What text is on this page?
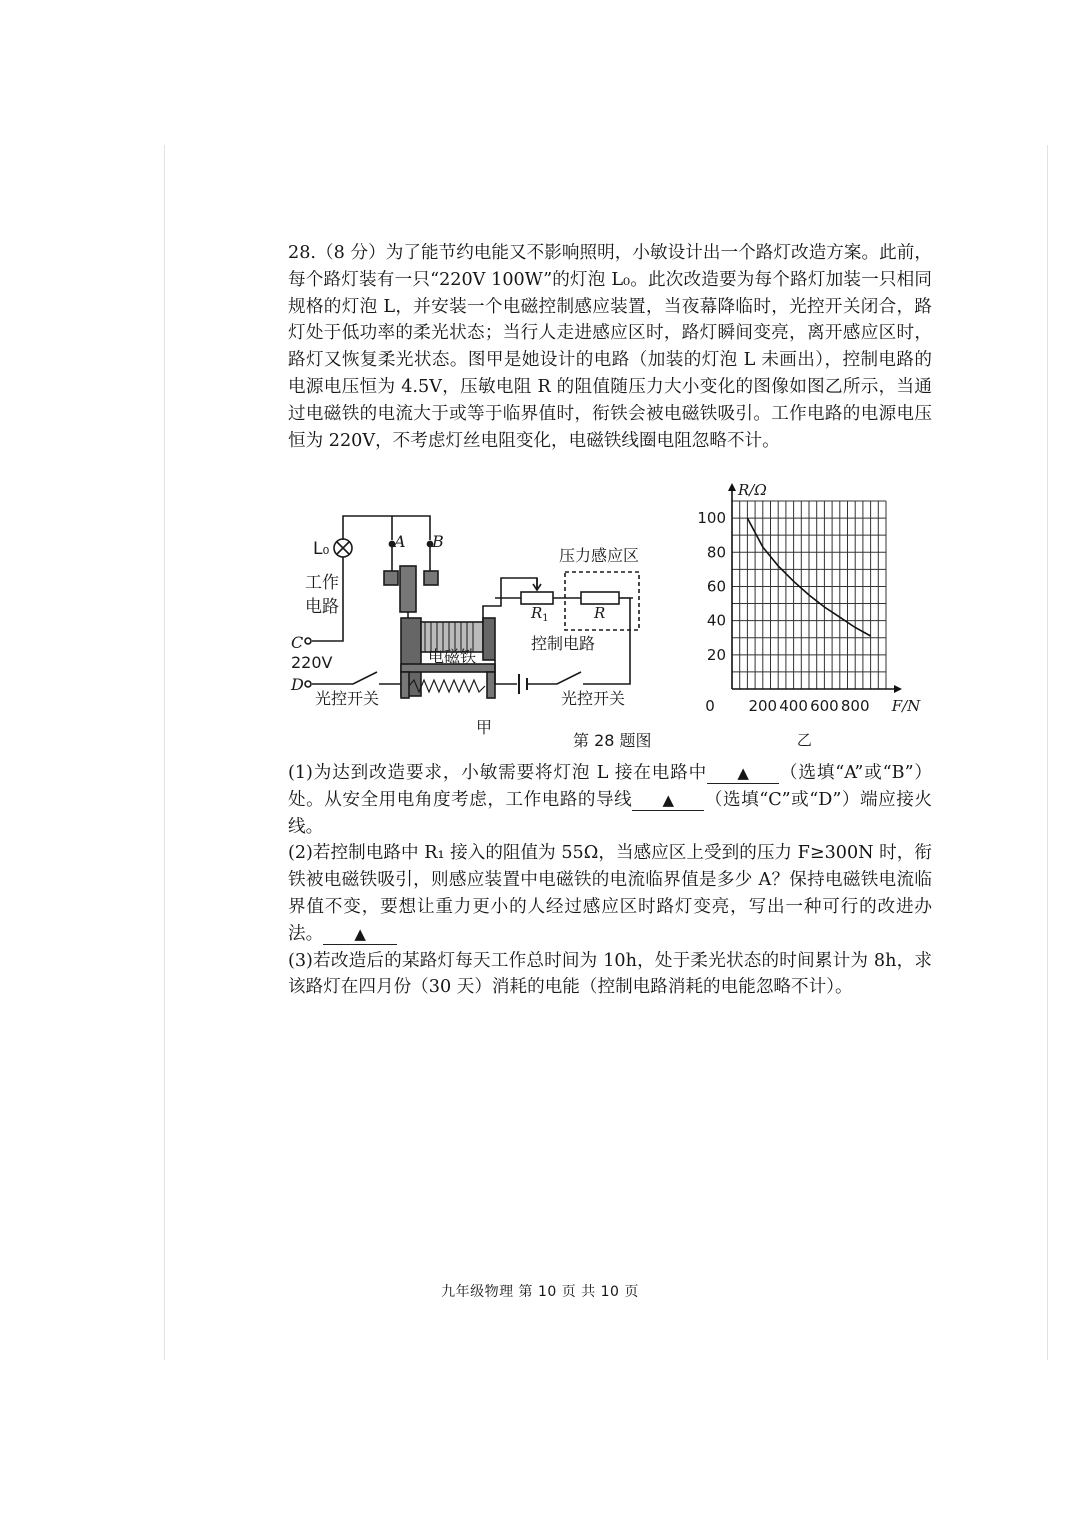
28.（8 分）为了能节约电能又不影响照明，小敏设计出一个路灯改造方案。此前，每个路灯装有一只“220V 100W”的灯泡 L₀。此次改造要为每个路灯加装一只相同规格的灯泡 L，并安装一个电磁控制感应装置，当夜幕降临时，光控开关闭合，路灯处于低功率的柔光状态；当行人走进感应区时，路灯瞬间变亮，离开感应区时，路灯又恢复柔光状态。图甲是她设计的电路（加装的灯泡 L 未画出），控制电路的电源电压恒为 4.5V，压敏电阻 R 的阻值随压力大小变化的图像如图乙所示，当通过电磁铁的电流大于或等于临界值时，衔铁会被电磁铁吸引。工作电路的电源电压恒为 220V，不考虑灯丝电阻变化，电磁铁线圈电阻忽略不计。

L₀	A B
工作
电路
C
220V
D
光控开关
电磁铁
压力感应区
$R_1$	R
控制电路
光控开关
甲
第 28 题图
20
40
60
80
100
200 400 600 800
0
R/Ω
F/N
乙

(1)为达到改造要求，小敏需要将灯泡 L 接在电路中 ▲ （选填“A”或“B”）处。从安全用电角度考虑，工作电路的导线 ▲ （选填“C”或“D”）端应接火线。

(2)若控制电路中 R₁ 接入的阻值为 55Ω，当感应区上受到的压力 F≥300N 时，衔铁被电磁铁吸引，则感应装置中电磁铁的电流临界值是多少 A？保持电磁铁电流临界值不变，要想让重力更小的人经过感应区时路灯变亮，写出一种可行的改进办法。 ▲

(3)若改造后的某路灯每天工作总时间为 10h，处于柔光状态的时间累计为 8h，求该路灯在四月份（30 天）消耗的电能（控制电路消耗的电能忽略不计）。

九年级物理 第 10 页 共 10 页
